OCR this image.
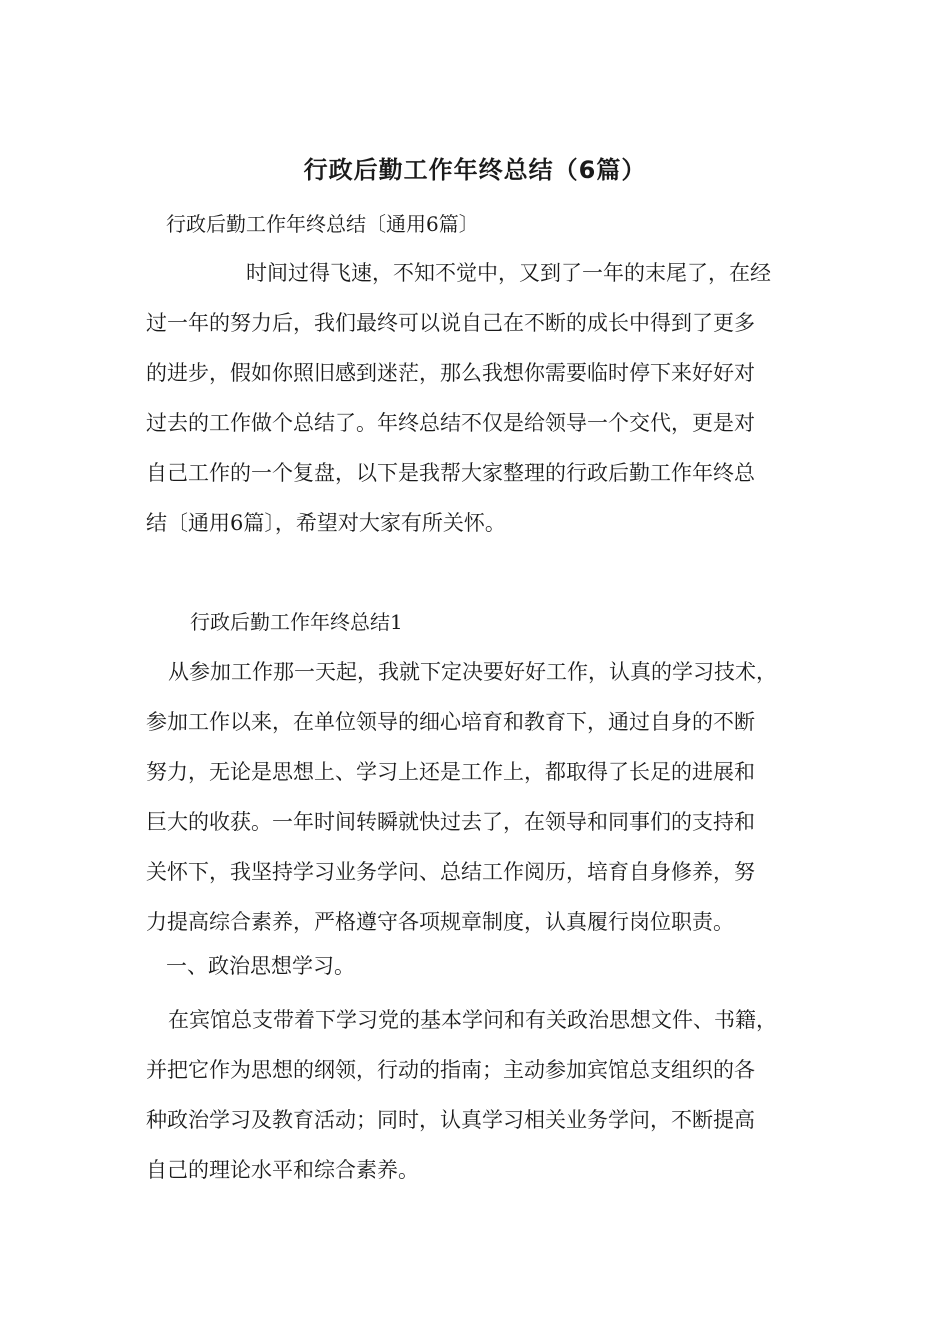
行政后勤工作年终总结（6篇）
行政后勤工作年终总结〔通用6篇〕

时间过得飞速，不知不觉中，又到了一年的末尾了，在经
过一年的努力后，我们最终可以说自己在不断的成长中得到了更多
的进步，假如你照旧感到迷茫，那么我想你需要临时停下来好好对
过去的工作做个总结了。年终总结不仅是给领导一个交代，更是对
自己工作的一个复盘，以下是我帮大家整理的行政后勤工作年终总
结〔通用6篇〕，希望对大家有所关怀。

行政后勤工作年终总结1

从参加工作那一天起，我就下定决要好好工作，认真的学习技术，
参加工作以来，在单位领导的细心培育和教育下，通过自身的不断
努力，无论是思想上、学习上还是工作上，都取得了长足的进展和
巨大的收获。一年时间转瞬就快过去了，在领导和同事们的支持和
关怀下，我坚持学习业务学问、总结工作阅历，培育自身修养，努
力提高综合素养，严格遵守各项规章制度，认真履行岗位职责。

一、政治思想学习。

在宾馆总支带着下学习党的基本学问和有关政治思想文件、书籍，
并把它作为思想的纲领，行动的指南；主动参加宾馆总支组织的各
种政治学习及教育活动；同时，认真学习相关业务学问，不断提高
自己的理论水平和综合素养。
